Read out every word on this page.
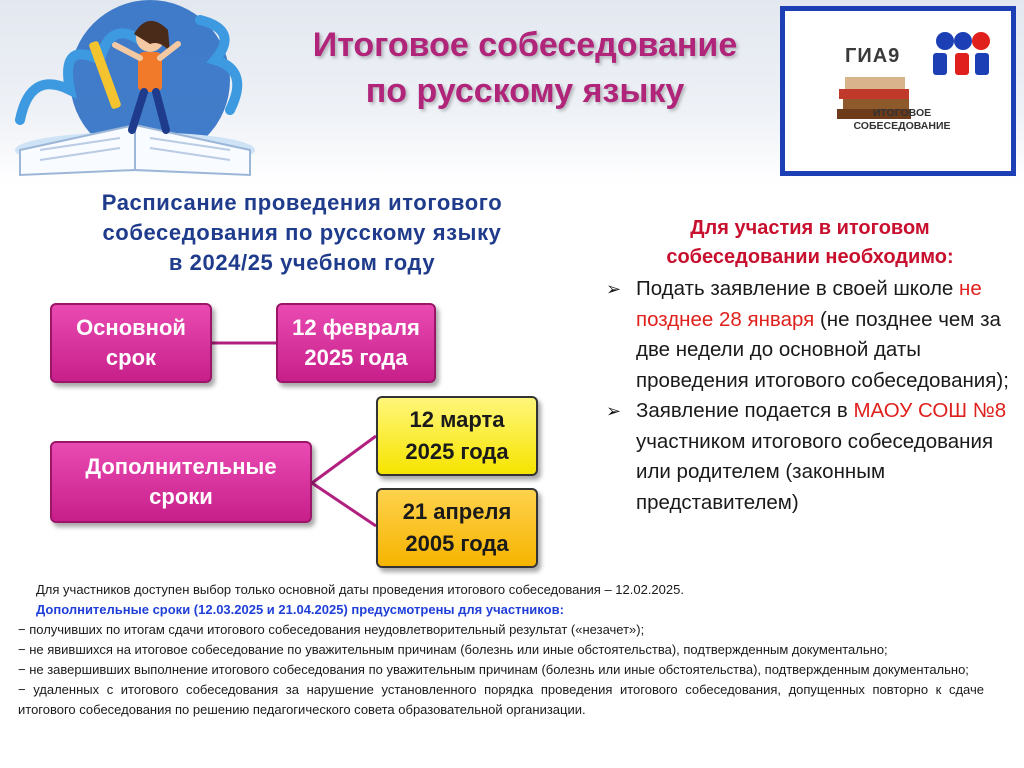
Итоговое собеседование
по русскому языку
ГИА9
ИТОГОВОЕ
СОБЕСЕДОВАНИЕ
Расписание проведения итогового
собеседования по русскому языку
в 2024/25 учебном году
Основной
срок
12 февраля
2025 года
Дополнительные
сроки
12 марта
2025 года
21 апреля
2005 года
Для участия в итоговом
собеседовании необходимо:
➢ Подать заявление в своей школе не позднее 28 января (не позднее чем за две недели до основной даты проведения итогового собеседования);
➢ Заявление подается в МАОУ СОШ №8 участником итогового собеседования или родителем (законным представителем)

Для участников доступен выбор только основной даты проведения итогового собеседования – 12.02.2025.

Дополнительные сроки (12.03.2025 и 21.04.2025) предусмотрены для участников:

− получивших по итогам сдачи итогового собеседования неудовлетворительный результат («незачет»);

− не явившихся на итоговое собеседование по уважительным причинам (болезнь или иные обстоятельства), подтвержденным документально;

− не завершивших выполнение итогового собеседования по уважительным причинам (болезнь или иные обстоятельства), подтвержденным документально;

− удаленных с итогового собеседования за нарушение установленного порядка проведения итогового собеседования, допущенных повторно к сдаче итогового собеседования по решению педагогического совета образовательной организации.
